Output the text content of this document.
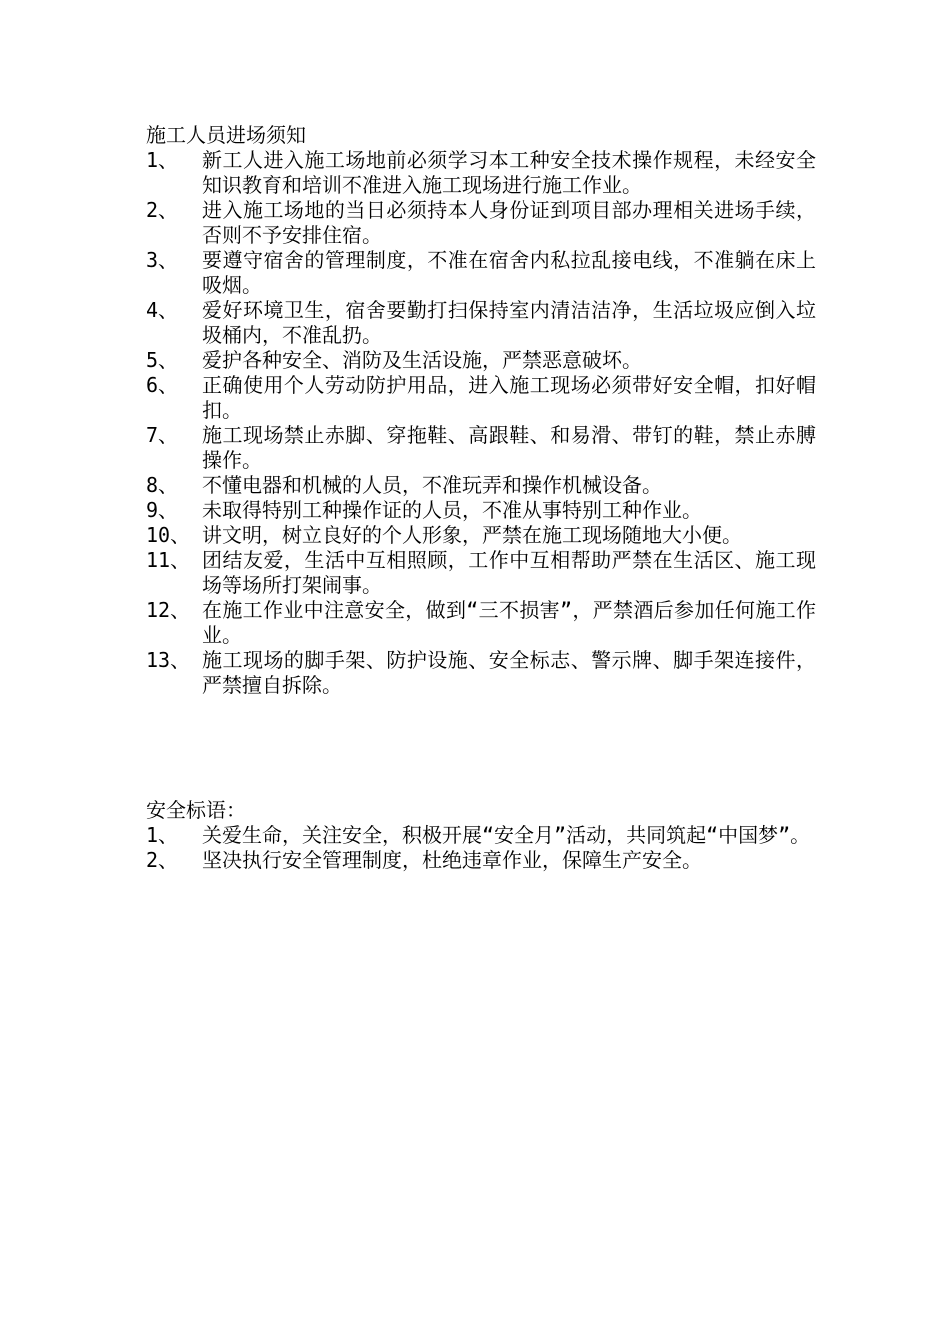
施工人员进场须知
1、	新工人进入施工场地前必须学习本工种安全技术操作规程，未经安全知识教育和培训不准进入施工现场进行施工作业。
2、	进入施工场地的当日必须持本人身份证到项目部办理相关进场手续，否则不予安排住宿。
3、	要遵守宿舍的管理制度，不准在宿舍内私拉乱接电线，不准躺在床上吸烟。
4、	爱好环境卫生，宿舍要勤打扫保持室内清洁洁净，生活垃圾应倒入垃圾桶内，不准乱扔。
5、	爱护各种安全、消防及生活设施，严禁恶意破坏。
6、	正确使用个人劳动防护用品，进入施工现场必须带好安全帽，扣好帽扣。
7、	施工现场禁止赤脚、穿拖鞋、高跟鞋、和易滑、带钉的鞋，禁止赤膊操作。
8、	不懂电器和机械的人员，不准玩弄和操作机械设备。
9、	未取得特别工种操作证的人员，不准从事特别工种作业。
10、 讲文明，树立良好的个人形象，严禁在施工现场随地大小便。
11、 团结友爱，生活中互相照顾，工作中互相帮助严禁在生活区、施工现场等场所打架闹事。
12、 在施工作业中注意安全，做到“三不损害”，严禁酒后参加任何施工作业。
13、 施工现场的脚手架、防护设施、安全标志、警示牌、脚手架连接件，严禁擅自拆除。
安全标语：
1、	关爱生命，关注安全，积极开展“安全月”活动，共同筑起“中国梦”。
2、	坚决执行安全管理制度，杜绝违章作业，保障生产安全。
